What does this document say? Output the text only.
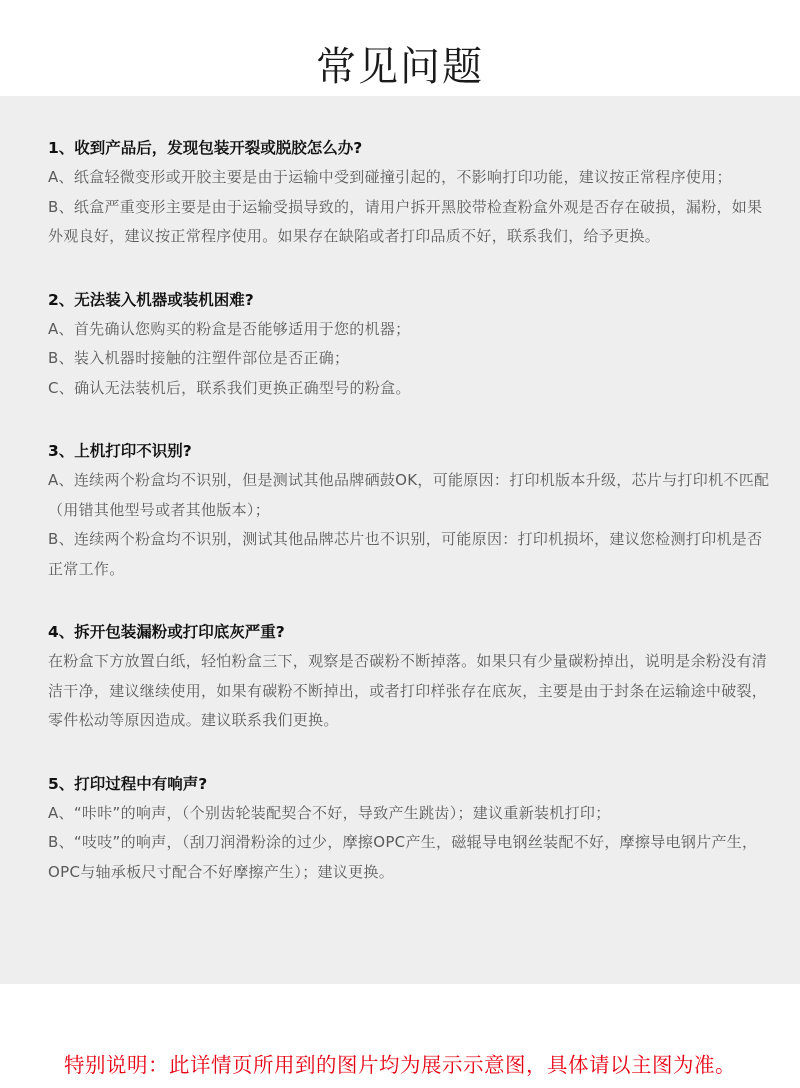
常见问题

1、收到产品后，发现包装开裂或脱胶怎么办?

A、纸盒轻微变形或开胶主要是由于运输中受到碰撞引起的，不影响打印功能，建议按正常程序使用；

B、纸盒严重变形主要是由于运输受损导致的，请用户拆开黑胶带检查粉盒外观是否存在破损，漏粉，如果外观良好，建议按正常程序使用。如果存在缺陷或者打印品质不好，联系我们，给予更换。

2、无法装入机器或装机困难?

A、首先确认您购买的粉盒是否能够适用于您的机器；

B、装入机器时接触的注塑件部位是否正确；

C、确认无法装机后，联系我们更换正确型号的粉盒。

3、上机打印不识别?

A、连续两个粉盒均不识别，但是测试其他品牌硒鼓OK，可能原因：打印机版本升级，芯片与打印机不匹配（用错其他型号或者其他版本）；

B、连续两个粉盒均不识别，测试其他品牌芯片也不识别，可能原因：打印机损坏，建议您检测打印机是否正常工作。

4、拆开包装漏粉或打印底灰严重?

在粉盒下方放置白纸，轻怕粉盒三下，观察是否碳粉不断掉落。如果只有少量碳粉掉出，说明是余粉没有清洁干净，建议继续使用，如果有碳粉不断掉出，或者打印样张存在底灰，主要是由于封条在运输途中破裂，零件松动等原因造成。建议联系我们更换。

5、打印过程中有响声?

A、“咔咔”的响声，（个别齿轮装配契合不好，导致产生跳齿）；建议重新装机打印；

B、“吱吱”的响声，（刮刀润滑粉涂的过少，摩擦OPC产生，磁辊导电钢丝装配不好，摩擦导电钢片产生，OPC与轴承板尺寸配合不好摩擦产生）；建议更换。

特别说明：此详情页所用到的图片均为展示示意图，具体请以主图为准。
